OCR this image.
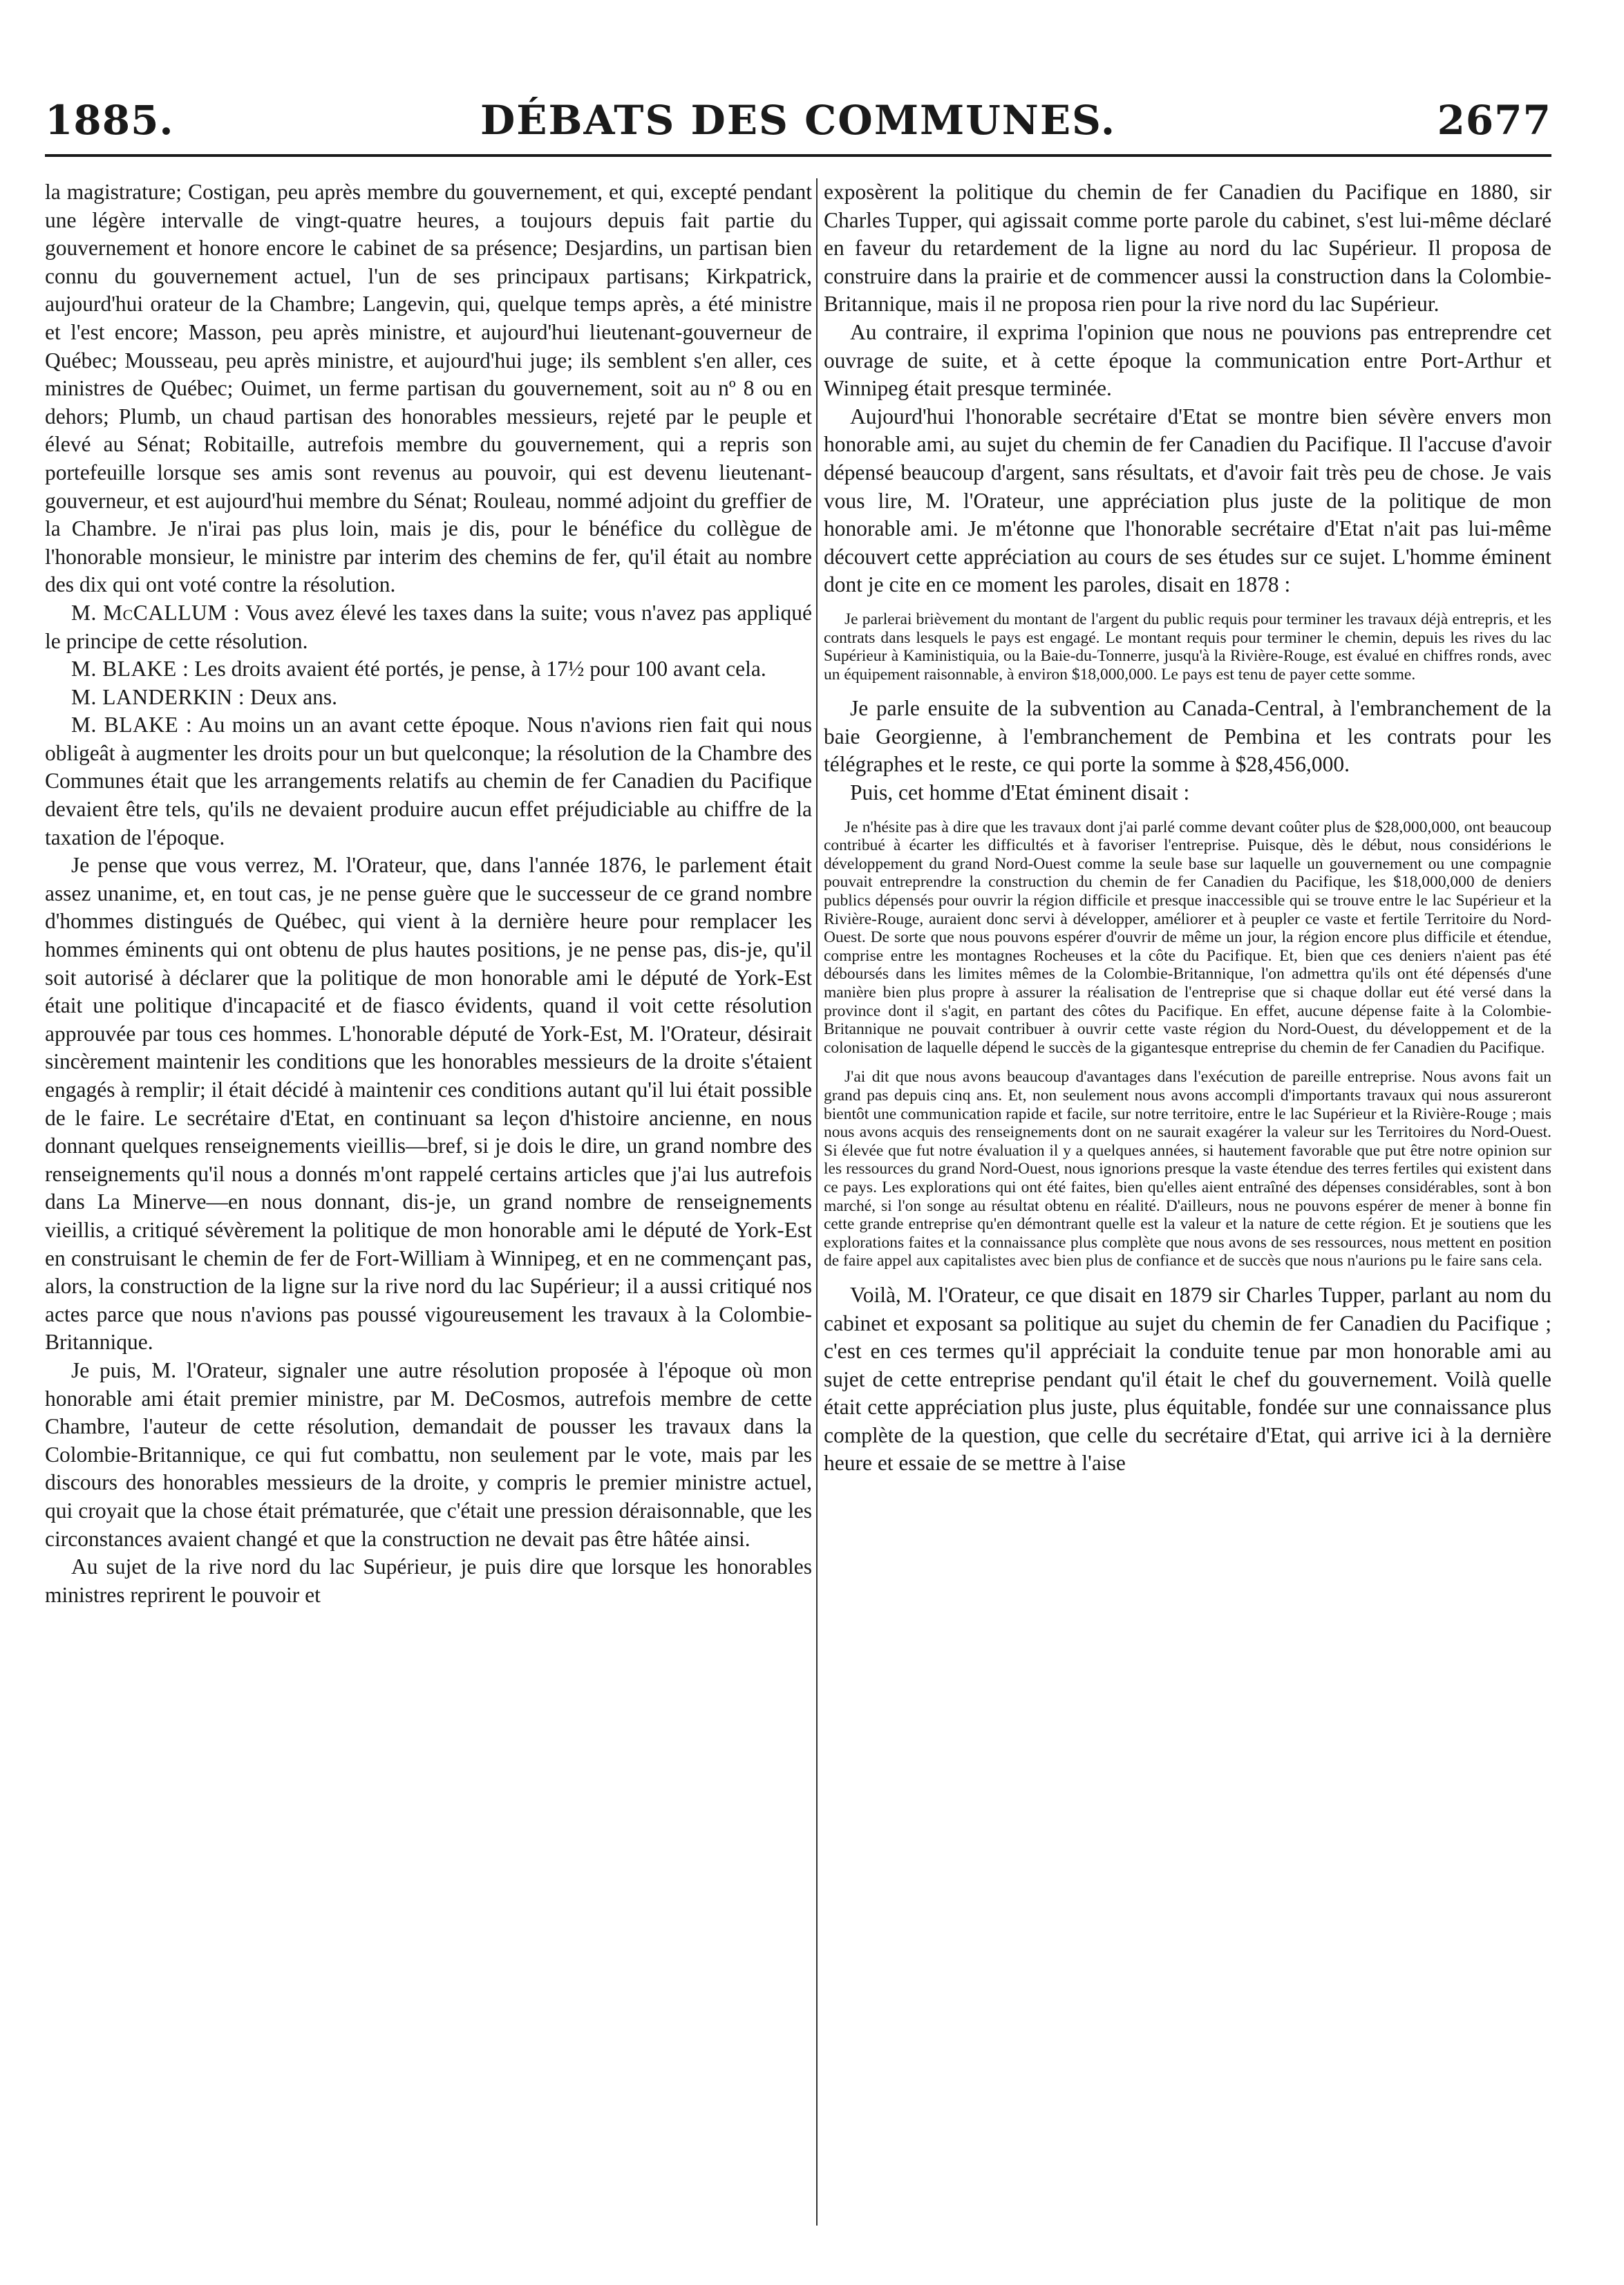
1885.	DÉBATS DES COMMUNES.	2677

la magistrature; Costigan, peu après membre du gouvernement, et qui, excepté pendant une légère intervalle de vingt-quatre heures, a toujours depuis fait partie du gouvernement et honore encore le cabinet de sa présence; Desjardins, un partisan bien connu du gouvernement actuel, l'un de ses principaux partisans; Kirkpatrick, aujourd'hui orateur de la Chambre; Langevin, qui, quelque temps après, a été ministre et l'est encore; Masson, peu après ministre, et aujourd'hui lieutenant-gouverneur de Québec; Mousseau, peu après ministre, et aujourd'hui juge; ils semblent s'en aller, ces ministres de Québec; Ouimet, un ferme partisan du gouvernement, soit au nº 8 ou en dehors; Plumb, un chaud partisan des honorables messieurs, rejeté par le peuple et élevé au Sénat; Robitaille, autrefois membre du gouvernement, qui a repris son portefeuille lorsque ses amis sont revenus au pouvoir, qui est devenu lieutenant-gouverneur, et est aujourd'hui membre du Sénat; Rouleau, nommé adjoint du greffier de la Chambre. Je n'irai pas plus loin, mais je dis, pour le bénéfice du collègue de l'honorable monsieur, le ministre par interim des chemins de fer, qu'il était au nombre des dix qui ont voté contre la résolution.

M. McCALLUM : Vous avez élevé les taxes dans la suite; vous n'avez pas appliqué le principe de cette résolution.

M. BLAKE : Les droits avaient été portés, je pense, à 17½ pour 100 avant cela.

M. LANDERKIN : Deux ans.

M. BLAKE : Au moins un an avant cette époque. Nous n'avions rien fait qui nous obligeât à augmenter les droits pour un but quelconque; la résolution de la Chambre des Communes était que les arrangements relatifs au chemin de fer Canadien du Pacifique devaient être tels, qu'ils ne devaient produire aucun effet préjudiciable au chiffre de la taxation de l'époque.

Je pense que vous verrez, M. l'Orateur, que, dans l'année 1876, le parlement était assez unanime, et, en tout cas, je ne pense guère que le successeur de ce grand nombre d'hommes distingués de Québec, qui vient à la dernière heure pour remplacer les hommes éminents qui ont obtenu de plus hautes positions, je ne pense pas, dis-je, qu'il soit autorisé à déclarer que la politique de mon honorable ami le député de York-Est était une politique d'incapacité et de fiasco évidents, quand il voit cette résolution approuvée par tous ces hommes. L'honorable député de York-Est, M. l'Orateur, désirait sincèrement maintenir les conditions que les honorables messieurs de la droite s'étaient engagés à remplir; il était décidé à maintenir ces conditions autant qu'il lui était possible de le faire. Le secrétaire d'Etat, en continuant sa leçon d'histoire ancienne, en nous donnant quelques renseignements vieillis—bref, si je dois le dire, un grand nombre des renseignements qu'il nous a donnés m'ont rappelé certains articles que j'ai lus autrefois dans La Minerve—en nous donnant, dis-je, un grand nombre de renseignements vieillis, a critiqué sévèrement la politique de mon honorable ami le député de York-Est en construisant le chemin de fer de Fort-William à Winnipeg, et en ne commençant pas, alors, la construction de la ligne sur la rive nord du lac Supérieur; il a aussi critiqué nos actes parce que nous n'avions pas poussé vigoureusement les travaux à la Colombie-Britannique.

Je puis, M. l'Orateur, signaler une autre résolution proposée à l'époque où mon honorable ami était premier ministre, par M. DeCosmos, autrefois membre de cette Chambre, l'auteur de cette résolution, demandait de pousser les travaux dans la Colombie-Britannique, ce qui fut combattu, non seulement par le vote, mais par les discours des honorables messieurs de la droite, y compris le premier ministre actuel, qui croyait que la chose était prématurée, que c'était une pression déraisonnable, que les circonstances avaient changé et que la construction ne devait pas être hâtée ainsi.

Au sujet de la rive nord du lac Supérieur, je puis dire que lorsque les honorables ministres reprirent le pouvoir et

exposèrent la politique du chemin de fer Canadien du Pacifique en 1880, sir Charles Tupper, qui agissait comme porte parole du cabinet, s'est lui-même déclaré en faveur du retardement de la ligne au nord du lac Supérieur. Il proposa de construire dans la prairie et de commencer aussi la construction dans la Colombie-Britannique, mais il ne proposa rien pour la rive nord du lac Supérieur.

Au contraire, il exprima l'opinion que nous ne pouvions pas entreprendre cet ouvrage de suite, et à cette époque la communication entre Port-Arthur et Winnipeg était presque terminée.

Aujourd'hui l'honorable secrétaire d'Etat se montre bien sévère envers mon honorable ami, au sujet du chemin de fer Canadien du Pacifique. Il l'accuse d'avoir dépensé beaucoup d'argent, sans résultats, et d'avoir fait très peu de chose. Je vais vous lire, M. l'Orateur, une appréciation plus juste de la politique de mon honorable ami. Je m'étonne que l'honorable secrétaire d'Etat n'ait pas lui-même découvert cette appréciation au cours de ses études sur ce sujet. L'homme éminent dont je cite en ce moment les paroles, disait en 1878 :

Je parlerai brièvement du montant de l'argent du public requis pour terminer les travaux déjà entrepris, et les contrats dans lesquels le pays est engagé. Le montant requis pour terminer le chemin, depuis les rives du lac Supérieur à Kaministiquia, ou la Baie-du-Tonnerre, jusqu'à la Rivière-Rouge, est évalué en chiffres ronds, avec un équipement raisonnable, à environ $18,000,000. Le pays est tenu de payer cette somme.

Je parle ensuite de la subvention au Canada-Central, à l'embranchement de la baie Georgienne, à l'embranchement de Pembina et les contrats pour les télégraphes et le reste, ce qui porte la somme à $28,456,000.

Puis, cet homme d'Etat éminent disait :

Je n'hésite pas à dire que les travaux dont j'ai parlé comme devant coûter plus de $28,000,000, ont beaucoup contribué à écarter les difficultés et à favoriser l'entreprise. Puisque, dès le début, nous considérions le développement du grand Nord-Ouest comme la seule base sur laquelle un gouvernement ou une compagnie pouvait entreprendre la construction du chemin de fer Canadien du Pacifique, les $18,000,000 de deniers publics dépensés pour ouvrir la région difficile et presque inaccessible qui se trouve entre le lac Supérieur et la Rivière-Rouge, auraient donc servi à développer, améliorer et à peupler ce vaste et fertile Territoire du Nord-Ouest. De sorte que nous pouvons espérer d'ouvrir de même un jour, la région encore plus difficile et étendue, comprise entre les montagnes Rocheuses et la côte du Pacifique. Et, bien que ces deniers n'aient pas été déboursés dans les limites mêmes de la Colombie-Britannique, l'on admettra qu'ils ont été dépensés d'une manière bien plus propre à assurer la réalisation de l'entreprise que si chaque dollar eut été versé dans la province dont il s'agit, en partant des côtes du Pacifique. En effet, aucune dépense faite à la Colombie-Britannique ne pouvait contribuer à ouvrir cette vaste région du Nord-Ouest, du développement et de la colonisation de laquelle dépend le succès de la gigantesque entreprise du chemin de fer Canadien du Pacifique.

J'ai dit que nous avons beaucoup d'avantages dans l'exécution de pareille entreprise. Nous avons fait un grand pas depuis cinq ans. Et, non seulement nous avons accompli d'importants travaux qui nous assureront bientôt une communication rapide et facile, sur notre territoire, entre le lac Supérieur et la Rivière-Rouge ; mais nous avons acquis des renseignements dont on ne saurait exagérer la valeur sur les Territoires du Nord-Ouest. Si élevée que fut notre évaluation il y a quelques années, si hautement favorable que put être notre opinion sur les ressources du grand Nord-Ouest, nous ignorions presque la vaste étendue des terres fertiles qui existent dans ce pays. Les explorations qui ont été faites, bien qu'elles aient entraîné des dépenses considérables, sont à bon marché, si l'on songe au résultat obtenu en réalité. D'ailleurs, nous ne pouvons espérer de mener à bonne fin cette grande entreprise qu'en démontrant quelle est la valeur et la nature de cette région. Et je soutiens que les explorations faites et la connaissance plus complète que nous avons de ses ressources, nous mettent en position de faire appel aux capitalistes avec bien plus de confiance et de succès que nous n'aurions pu le faire sans cela.

Voilà, M. l'Orateur, ce que disait en 1879 sir Charles Tupper, parlant au nom du cabinet et exposant sa politique au sujet du chemin de fer Canadien du Pacifique ; c'est en ces termes qu'il appréciait la conduite tenue par mon honorable ami au sujet de cette entreprise pendant qu'il était le chef du gouvernement. Voilà quelle était cette appréciation plus juste, plus équitable, fondée sur une connaissance plus complète de la question, que celle du secrétaire d'Etat, qui arrive ici à la dernière heure et essaie de se mettre à l'aise
